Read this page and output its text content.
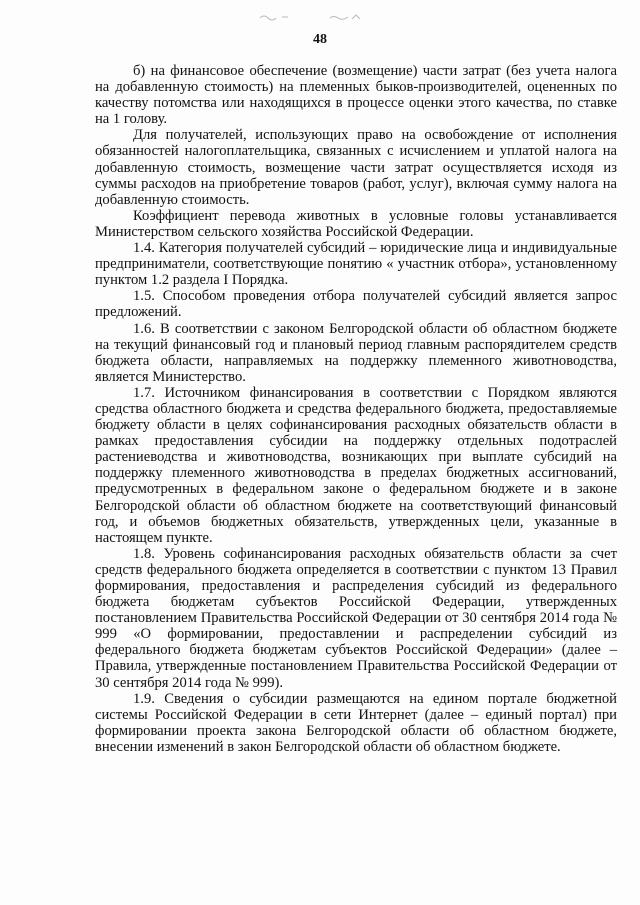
48

б) на финансовое обеспечение (возмещение) части затрат (без учета налога на добавленную стоимость) на племенных быков-производителей, оцененных по качеству потомства или находящихся в процессе оценки этого качества, по ставке на 1 голову.

Для получателей, использующих право на освобождение от исполнения обязанностей налогоплательщика, связанных с исчислением и уплатой налога на добавленную стоимость, возмещение части затрат осуществляется исходя из суммы расходов на приобретение товаров (работ, услуг), включая сумму налога на добавленную стоимость.

Коэффициент перевода животных в условные головы устанавливается Министерством сельского хозяйства Российской Федерации.

1.4. Категория получателей субсидий – юридические лица и индивидуальные предприниматели, соответствующие понятию « участник отбора», установленному пунктом 1.2 раздела I Порядка.

1.5. Способом проведения отбора получателей субсидий является запрос предложений.

1.6. В соответствии с законом Белгородской области об областном бюджете на текущий финансовый год и плановый период главным распорядителем средств бюджета области, направляемых на поддержку племенного животноводства, является Министерство.

1.7. Источником финансирования в соответствии с Порядком являются средства областного бюджета и средства федерального бюджета, предоставляемые бюджету области в целях софинансирования расходных обязательств области в рамках предоставления субсидии на поддержку отдельных подотраслей растениеводства и животноводства, возникающих при выплате субсидий на поддержку племенного животноводства в пределах бюджетных ассигнований, предусмотренных в федеральном законе о федеральном бюджете и в законе Белгородской области об областном бюджете на соответствующий финансовый год, и объемов бюджетных обязательств, утвержденных цели, указанные в настоящем пункте.

1.8. Уровень софинансирования расходных обязательств области за счет средств федерального бюджета определяется в соответствии с пунктом 13 Правил формирования, предоставления и распределения субсидий из федерального бюджета бюджетам субъектов Российской Федерации, утвержденных постановлением Правительства Российской Федерации от 30 сентября 2014 года № 999 «О формировании, предоставлении и распределении субсидий из федерального бюджета бюджетам субъектов Российской Федерации» (далее – Правила, утвержденные постановлением Правительства Российской Федерации от 30 сентября 2014 года № 999).

1.9. Сведения о субсидии размещаются на едином портале бюджетной системы Российской Федерации в сети Интернет (далее – единый портал) при формировании проекта закона Белгородской области об областном бюджете, внесении изменений в закон Белгородской области об областном бюджете.
